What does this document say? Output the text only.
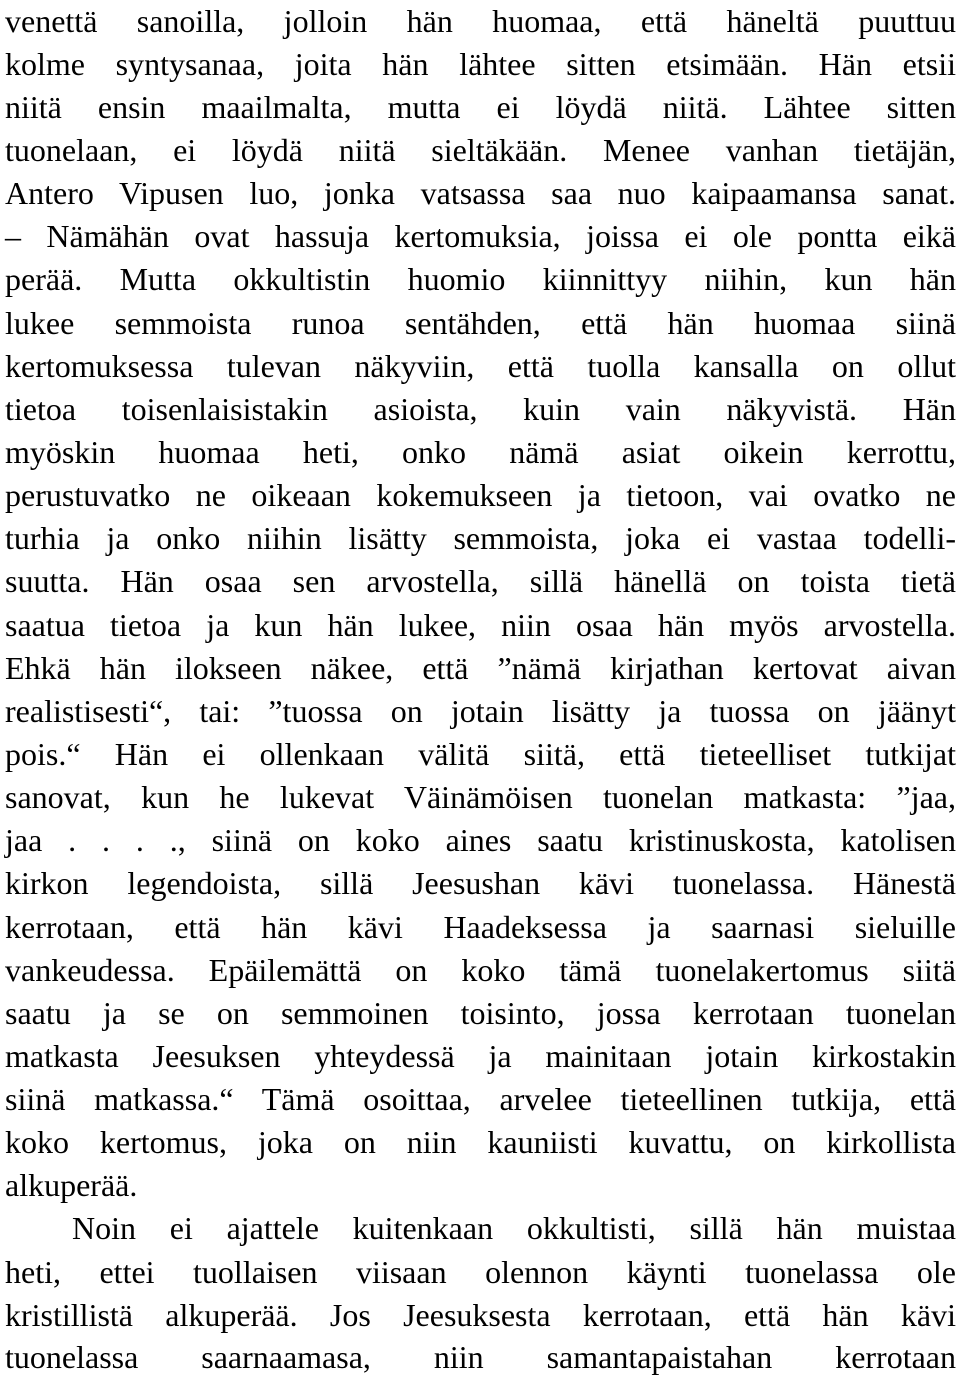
venettä sanoilla, jolloin hän huomaa, että häneltä puuttuu
kolme syntysanaa, joita hän lähtee sitten etsimään. Hän etsii
niitä ensin maailmalta, mutta ei löydä niitä. Lähtee sitten
tuonelaan, ei löydä niitä sieltäkään. Menee vanhan tietäjän,
Antero Vipusen luo, jonka vatsassa saa nuo kaipaamansa sanat.
– Nämähän ovat hassuja kertomuksia, joissa ei ole pontta eikä
perää. Mutta okkultistin huomio kiinnittyy niihin, kun hän
lukee semmoista runoa sentähden, että hän huomaa siinä
kertomuksessa tulevan näkyviin, että tuolla kansalla on ollut
tietoa toisenlaisistakin asioista, kuin vain näkyvistä. Hän
myöskin huomaa heti, onko nämä asiat oikein kerrottu,
perustuvatko ne oikeaan kokemukseen ja tietoon, vai ovatko ne
turhia ja onko niihin lisätty semmoista, joka ei vastaa todelli-
suutta. Hän osaa sen arvostella, sillä hänellä on toista tietä
saatua tietoa ja kun hän lukee, niin osaa hän myös arvostella.
Ehkä hän ilokseen näkee, että ”nämä kirjathan kertovat aivan
realistisesti“, tai: ”tuossa on jotain lisätty ja tuossa on jäänyt
pois.“ Hän ei ollenkaan välitä siitä, että tieteelliset tutkijat
sanovat, kun he lukevat Väinämöisen tuonelan matkasta: ”jaa,
jaa . . . ., siinä on koko aines saatu kristinuskosta, katolisen
kirkon legendoista, sillä Jeesushan kävi tuonelassa. Hänestä
kerrotaan, että hän kävi Haadeksessa ja saarnasi sieluille
vankeudessa. Epäilemättä on koko tämä tuonelakertomus siitä
saatu ja se on semmoinen toisinto, jossa kerrotaan tuonelan
matkasta Jeesuksen yhteydessä ja mainitaan jotain kirkostakin
siinä matkassa.“ Tämä osoittaa, arvelee tieteellinen tutkija, että
koko kertomus, joka on niin kauniisti kuvattu, on kirkollista
alkuperää.
Noin ei ajattele kuitenkaan okkultisti, sillä hän muistaa
heti, ettei tuollaisen viisaan olennon käynti tuonelassa ole
kristillistä alkuperää. Jos Jeesuksesta kerrotaan, että hän kävi
tuonelassa saarnaamasa, niin samantapaistahan kerrotaan
